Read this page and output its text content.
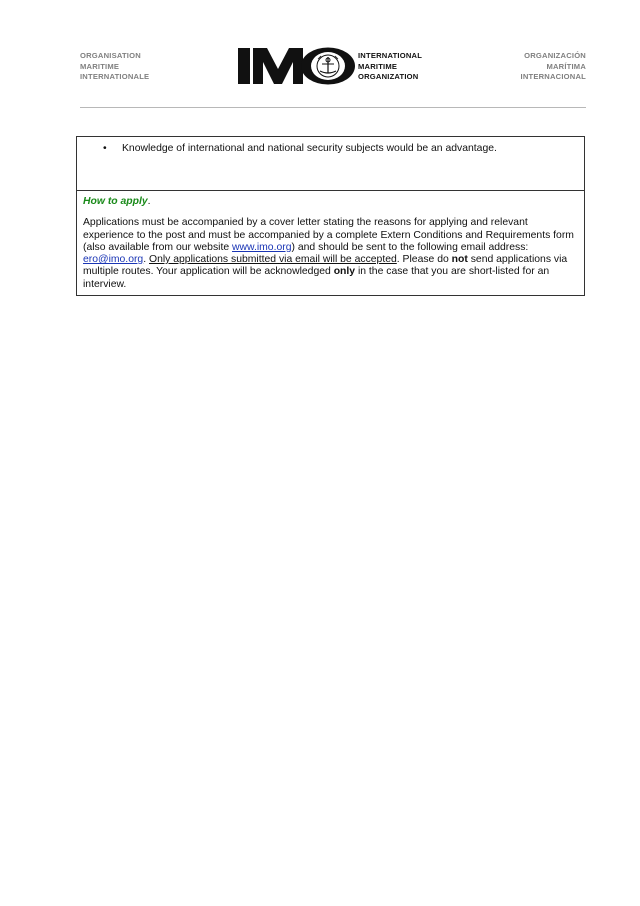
ORGANISATION
MARITIME
INTERNATIONALE
INTERNATIONAL
MARITIME
ORGANIZATION
ORGANIZACIÓN
MARÍTIMA
INTERNACIONAL
•	Knowledge of international and national security subjects would be an advantage.

How to apply.

Applications must be accompanied by a cover letter stating the reasons for applying and relevant experience to the post and must be accompanied by a complete Extern Conditions and Requirements form (also available from our website www.imo.org) and should be sent to the following email address: ero@imo.org. Only applications submitted via email will be accepted. Please do not send applications via multiple routes. Your application will be acknowledged only in the case that you are short-listed for an interview.
